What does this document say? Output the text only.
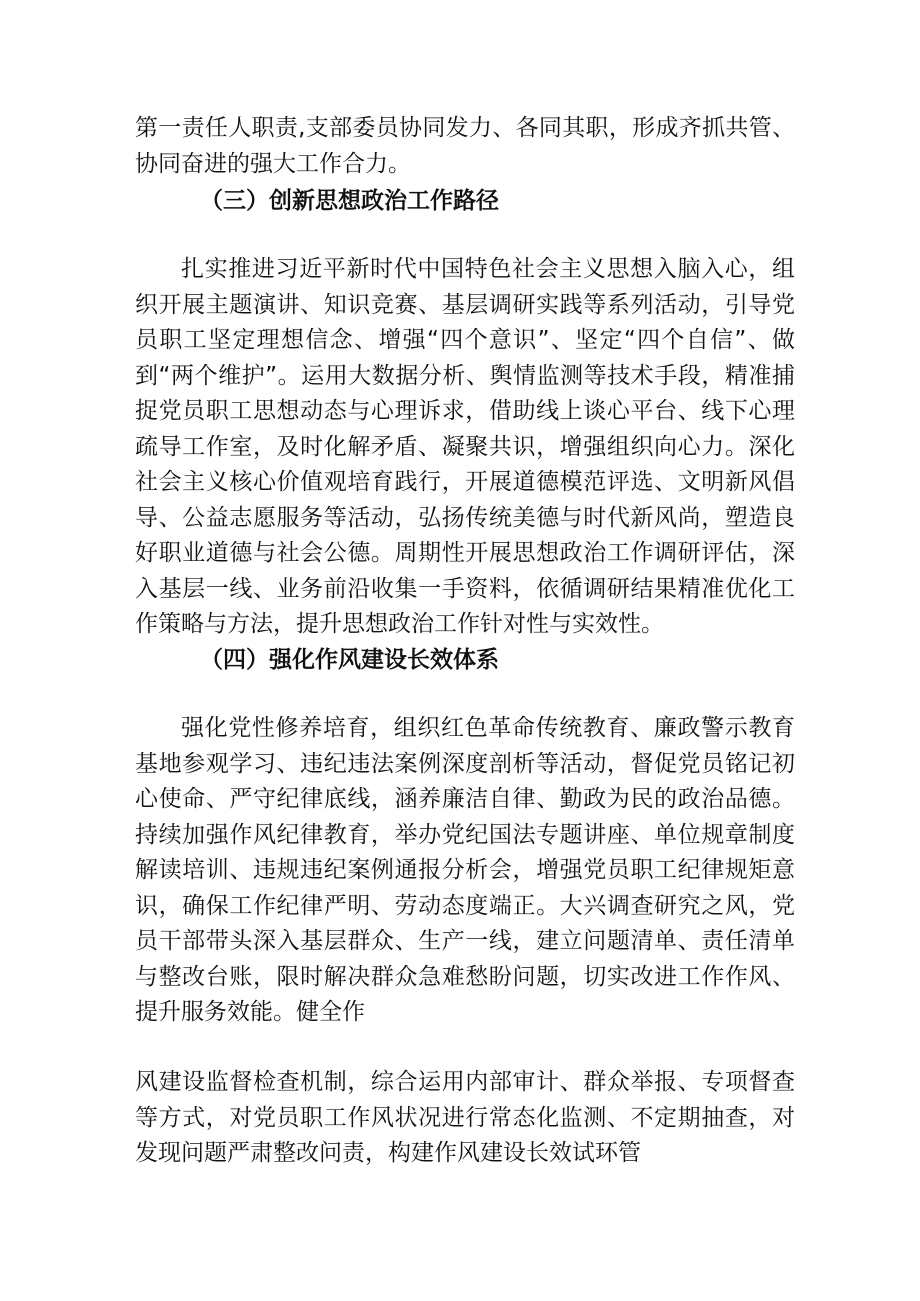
第一责任人职责,支部委员协同发力、各同其职，形成齐抓共管、协同奋进的强大工作合力。

（三）创新思想政治工作路径

扎实推进习近平新时代中国特色社会主义思想入脑入心，组织开展主题演讲、知识竞赛、基层调研实践等系列活动，引导党员职工坚定理想信念、增强“四个意识”、坚定“四个自信”、做到“两个维护”。运用大数据分析、舆情监测等技术手段，精准捕捉党员职工思想动态与心理诉求，借助线上谈心平台、线下心理疏导工作室，及时化解矛盾、凝聚共识，增强组织向心力。深化社会主义核心价值观培育践行，开展道德模范评选、文明新风倡导、公益志愿服务等活动，弘扬传统美德与时代新风尚，塑造良好职业道德与社会公德。周期性开展思想政治工作调研评估，深入基层一线、业务前沿收集一手资料，依循调研结果精准优化工作策略与方法，提升思想政治工作针对性与实效性。

（四）强化作风建设长效体系

强化党性修养培育，组织红色革命传统教育、廉政警示教育基地参观学习、违纪违法案例深度剖析等活动，督促党员铭记初心使命、严守纪律底线，涵养廉洁自律、勤政为民的政治品德。持续加强作风纪律教育，举办党纪国法专题讲座、单位规章制度解读培训、违规违纪案例通报分析会，增强党员职工纪律规矩意识，确保工作纪律严明、劳动态度端正。大兴调查研究之风，党员干部带头深入基层群众、生产一线，建立问题清单、责任清单与整改台账，限时解决群众急难愁盼问题，切实改进工作作风、提升服务效能。健全作

风建设监督检查机制，综合运用内部审计、群众举报、专项督查等方式，对党员职工作风状况进行常态化监测、不定期抽查，对发现问题严肃整改问责，构建作风建设长效试环管
